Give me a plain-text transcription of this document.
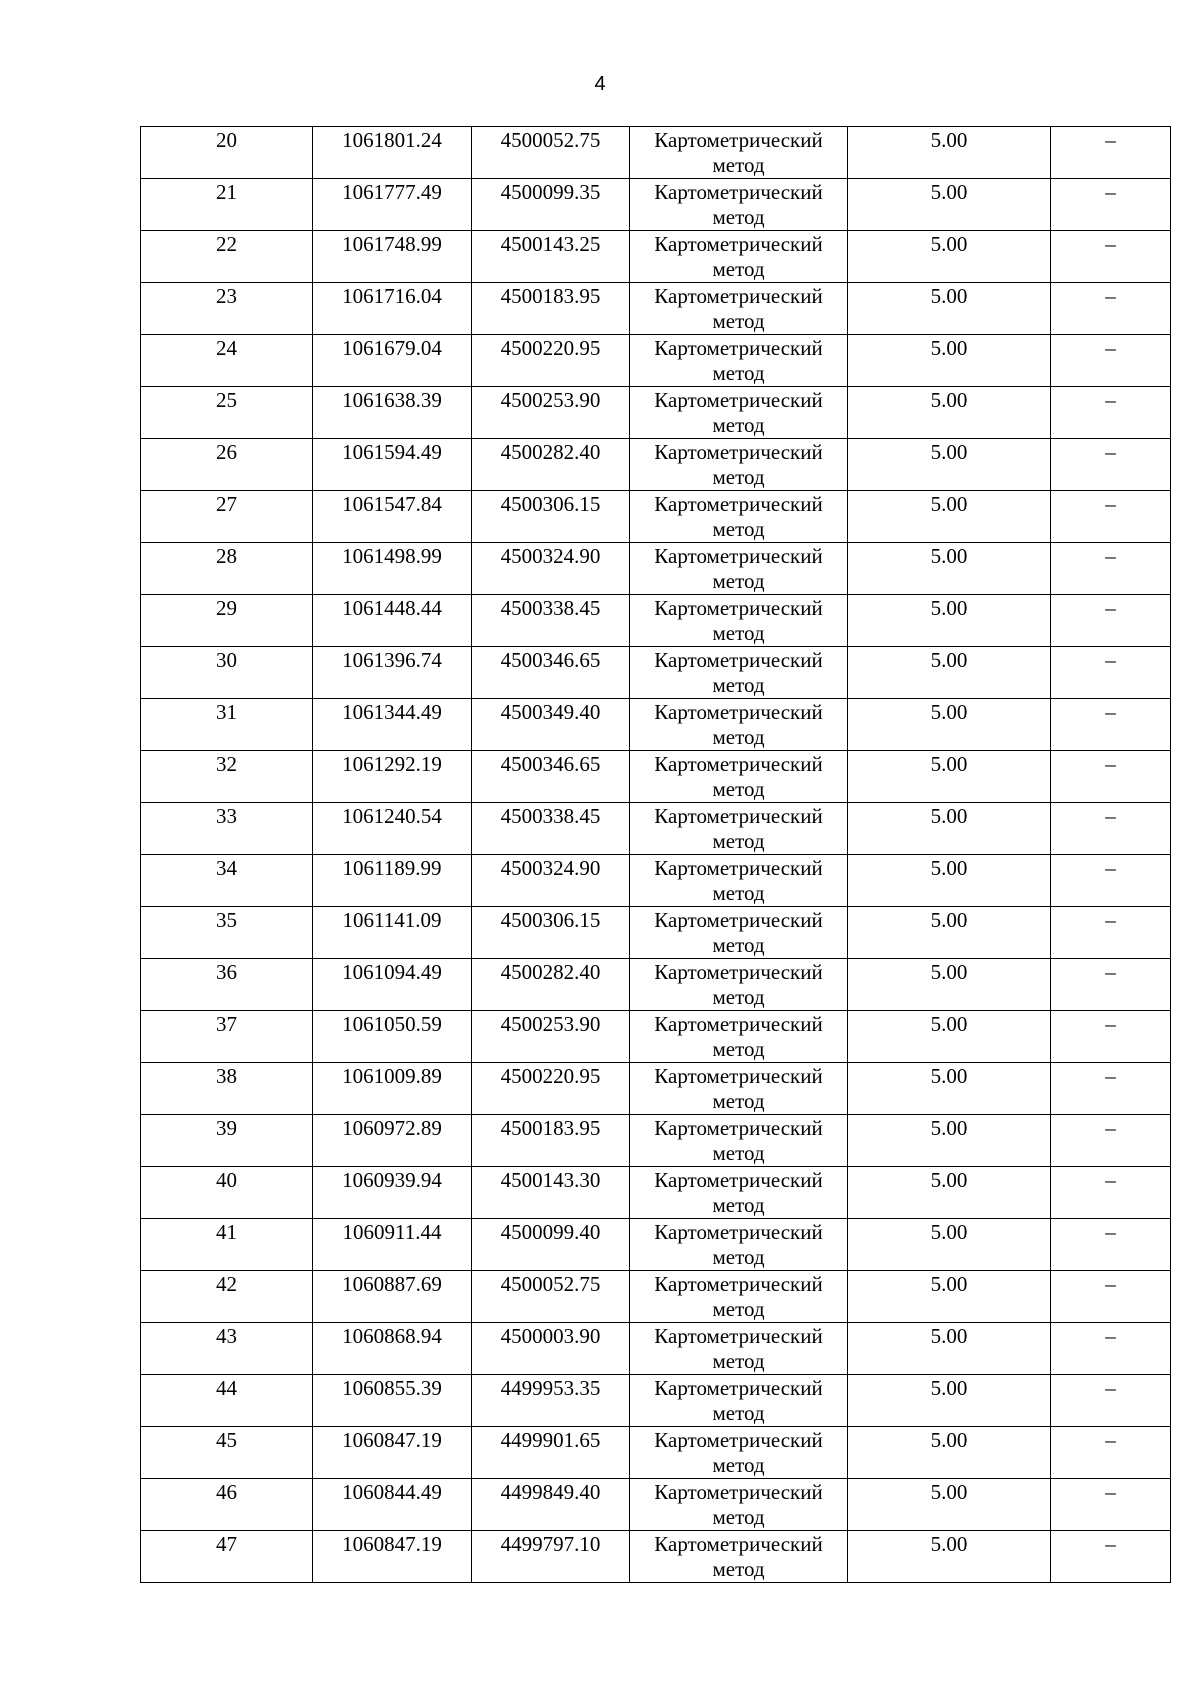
4
20	1061801.24	4500052.75	Картометрический
метод	5.00	–

21	1061777.49	4500099.35	Картометрический
метод	5.00	–

22	1061748.99	4500143.25	Картометрический
метод	5.00	–

23	1061716.04	4500183.95	Картометрический
метод	5.00	–

24	1061679.04	4500220.95	Картометрический
метод	5.00	–

25	1061638.39	4500253.90	Картометрический
метод	5.00	–

26	1061594.49	4500282.40	Картометрический
метод	5.00	–

27	1061547.84	4500306.15	Картометрический
метод	5.00	–

28	1061498.99	4500324.90	Картометрический
метод	5.00	–

29	1061448.44	4500338.45	Картометрический
метод	5.00	–

30	1061396.74	4500346.65	Картометрический
метод	5.00	–

31	1061344.49	4500349.40	Картометрический
метод	5.00	–

32	1061292.19	4500346.65	Картометрический
метод	5.00	–

33	1061240.54	4500338.45	Картометрический
метод	5.00	–

34	1061189.99	4500324.90	Картометрический
метод	5.00	–

35	1061141.09	4500306.15	Картометрический
метод	5.00	–

36	1061094.49	4500282.40	Картометрический
метод	5.00	–

37	1061050.59	4500253.90	Картометрический
метод	5.00	–

38	1061009.89	4500220.95	Картометрический
метод	5.00	–

39	1060972.89	4500183.95	Картометрический
метод	5.00	–

40	1060939.94	4500143.30	Картометрический
метод	5.00	–

41	1060911.44	4500099.40	Картометрический
метод	5.00	–

42	1060887.69	4500052.75	Картометрический
метод	5.00	–

43	1060868.94	4500003.90	Картометрический
метод	5.00	–

44	1060855.39	4499953.35	Картометрический
метод	5.00	–

45	1060847.19	4499901.65	Картометрический
метод	5.00	–

46	1060844.49	4499849.40	Картометрический
метод	5.00	–

47	1060847.19	4499797.10	Картометрический
метод	5.00	–
